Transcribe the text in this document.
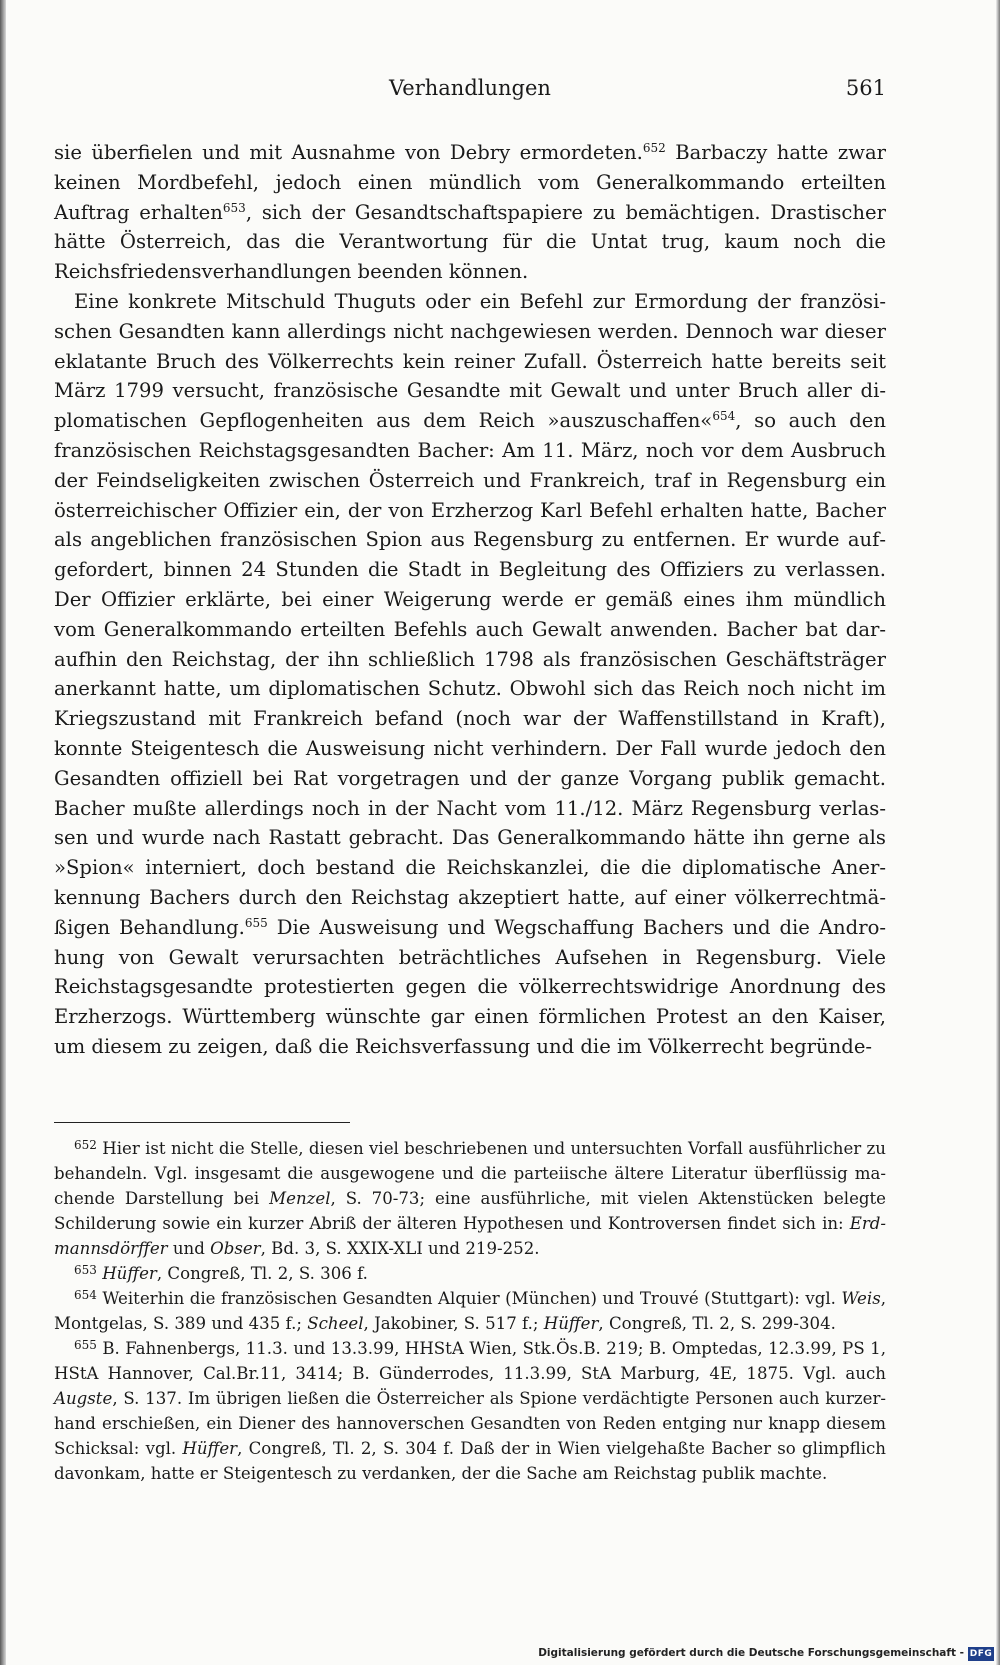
Verhandlungen	561

sie überfielen und mit Ausnahme von Debry ermordeten.$^{652}$ Barbaczy hatte zwar keinen Mordbefehl, jedoch einen mündlich vom Generalkommando erteilten Auftrag erhalten$^{653}$, sich der Gesandtschaftspapiere zu bemächtigen. Drastischer hätte Österreich, das die Verantwortung für die Untat trug, kaum noch die Reichsfriedensverhandlungen beenden können.

Eine konkrete Mitschuld Thuguts oder ein Befehl zur Ermordung der französischen Gesandten kann allerdings nicht nachgewiesen werden. Dennoch war dieser eklatante Bruch des Völkerrechts kein reiner Zufall. Österreich hatte bereits seit März 1799 versucht, französische Gesandte mit Gewalt und unter Bruch aller diplomatischen Gepflogenheiten aus dem Reich »auszuschaffen«$^{654}$, so auch den französischen Reichstagsgesandten Bacher: Am 11. März, noch vor dem Ausbruch der Feindseligkeiten zwischen Österreich und Frankreich, traf in Regensburg ein österreichischer Offizier ein, der von Erzherzog Karl Befehl erhalten hatte, Bacher als angeblichen französischen Spion aus Regensburg zu entfernen. Er wurde aufgefordert, binnen 24 Stunden die Stadt in Begleitung des Offiziers zu verlassen. Der Offizier erklärte, bei einer Weigerung werde er gemäß eines ihm mündlich vom Generalkommando erteilten Befehls auch Gewalt anwenden. Bacher bat daraufhin den Reichstag, der ihn schließlich 1798 als französischen Geschäftsträger anerkannt hatte, um diplomatischen Schutz. Obwohl sich das Reich noch nicht im Kriegszustand mit Frankreich befand (noch war der Waffenstillstand in Kraft), konnte Steigentesch die Ausweisung nicht verhindern. Der Fall wurde jedoch den Gesandten offiziell bei Rat vorgetragen und der ganze Vorgang publik gemacht. Bacher mußte allerdings noch in der Nacht vom 11./12. März Regensburg verlassen und wurde nach Rastatt gebracht. Das Generalkommando hätte ihn gerne als »Spion« interniert, doch bestand die Reichskanzlei, die die diplomatische Anerkennung Bachers durch den Reichstag akzeptiert hatte, auf einer völkerrechtmäßigen Behandlung.$^{655}$ Die Ausweisung und Wegschaffung Bachers und die Androhung von Gewalt verursachten beträchtliches Aufsehen in Regensburg. Viele Reichstagsgesandte protestierten gegen die völkerrechtswidrige Anordnung des Erzherzogs. Württemberg wünschte gar einen förmlichen Protest an den Kaiser, um diesem zu zeigen, daß die Reichsverfassung und die im Völkerrecht begründe-

$^{652}$ Hier ist nicht die Stelle, diesen viel beschriebenen und untersuchten Vorfall ausführlicher zu behandeln. Vgl. insgesamt die ausgewogene und die parteiische ältere Literatur überflüssig machende Darstellung bei Menzel, S. 70-73; eine ausführliche, mit vielen Aktenstücken belegte Schilderung sowie ein kurzer Abriß der älteren Hypothesen und Kontroversen findet sich in: Erdmannsdörffer und Obser, Bd. 3, S. XXIX-XLI und 219-252.

$^{653}$ Hüffer, Congreß, Tl. 2, S. 306 f.

$^{654}$ Weiterhin die französischen Gesandten Alquier (München) und Trouvé (Stuttgart): vgl. Weis, Montgelas, S. 389 und 435 f.; Scheel, Jakobiner, S. 517 f.; Hüffer, Congreß, Tl. 2, S. 299-304.

$^{655}$ B. Fahnenbergs, 11.3. und 13.3.99, HHStA Wien, Stk.Ös.B. 219; B. Omptedas, 12.3.99, PS 1, HStA Hannover, Cal.Br.11, 3414; B. Günderrodes, 11.3.99, StA Marburg, 4E, 1875. Vgl. auch Augste, S. 137. Im übrigen ließen die Österreicher als Spione verdächtigte Personen auch kurzerhand erschießen, ein Diener des hannoverschen Gesandten von Reden entging nur knapp diesem Schicksal: vgl. Hüffer, Congreß, Tl. 2, S. 304 f. Daß der in Wien vielgehaßte Bacher so glimpflich davonkam, hatte er Steigentesch zu verdanken, der die Sache am Reichstag publik machte.

Digitalisierung gefördert durch die Deutsche Forschungsgemeinschaft - DFG
